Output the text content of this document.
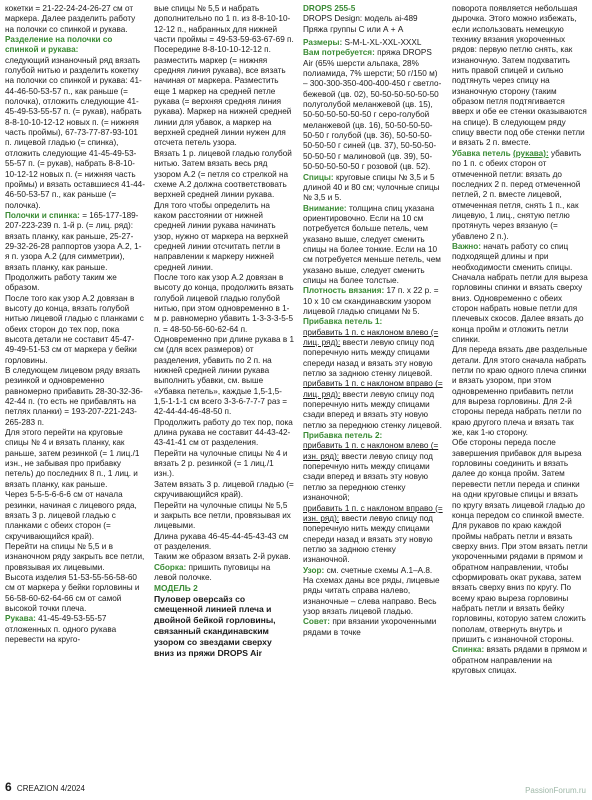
кокетки = 21-22-24-24-26-27 см от маркера. Далее разделить работу на полочки со спинкой и рукава.

Разделение на полочки со спинкой и рукава:

следующий изнаночный ряд вязать голубой нитью и разделить кокетку на полочки со спинкой и рукава: 41-44-46-50-53-57 п., как раньше (= полочка), отложить следующие 41-45-49-53-55-57 п. (= рукав), набрать 8-8-10-10-12-12 новых п. (= нижняя часть проймы), 67-73-77-87-93-101 п. лицевой гладью (= спинка), отложить следующие 41-45-49-53-55-57 п. (= рукав), набрать 8-8-10-10-12-12 новых п. (= нижняя часть проймы) и вязать оставшиеся 41-44-46-50-53-57 п., как раньше (= полочка).

Полочки и спинка: = 165-177-189-207-223-239 п. 1-й р. (= лиц. ряд): вязать планку, как раньше, 25-27-29-32-26-28 раппортов узора А.2, 1-я п. узора А.2 (для симметрии), вязать планку, как раньше.

Продолжить работу таким же образом.

После того как узор А.2 довязан в высоту до конца, вязать голубой нитью лицевой гладью с планками с обеих сторон до тех пор, пока высота детали не составит 45-47-49-49-51-53 см от маркера у бейки горловины.

В следующем лицевом ряду вязать резинкой и одновременно равномерно прибавить 28-30-32-36-42-44 п. (то есть не прибавлять на петлях планки) = 193-207-221-243-265-283 п.

Для этого перейти на круговые спицы № 4 и вязать планку, как раньше, затем резинкой (= 1 лиц./1 изн., не забывая про прибавку петель) до последних 8 п., 1 лиц. и вязать планку, как раньше.

Через 5-5-5-6-6-6 см от начала резинки, начиная с лицевого ряда, вязать 3 р. лицевой гладью с планками с обеих сторон (= скручивающийся край).

Перейти на спицы № 5,5 и в изнаночном ряду закрыть все петли, провязывая их лицевыми.

Высота изделия 51-53-55-56-58-60 см от маркера у бейки горловины и 56-58-60-62-64-66 см от самой высокой точки плеча.

Рукава: 41-45-49-53-55-57 отложенных п. одного рукава перевести на круго-

вые спицы № 5,5 и набрать дополнительно по 1 п. из 8-8-10-10-12-12 п., набранных для нижней части проймы = 49-53-59-63-67-69 п.

Посередине 8-8-10-10-12-12 п. разместить маркер (= нижняя средняя линия рукава), все вязать начиная от маркера. Разместить еще 1 маркер на средней петле рукава (= верхняя средняя линия рукава). Маркер на нижней средней линии для убавок, а маркер на верхней средней линии нужен для отсчета петель узора.

Вязать 1 р. лицевой гладью голубой нитью. Затем вязать весь ряд узором А.2 (= петля со стрелкой на схеме А.2 должна соответствовать верхней средней линии рукава.

Для того чтобы определить на каком расстоянии от нижней средней линии рукава начинать узор, нужно от маркера на верхней средней линии отсчитать петли в направлении к маркеру нижней средней линии.

После того как узор А.2 довязан в высоту до конца, продолжить вязать голубой лицевой гладью голубой нитью, при этом одновременно в 1-м р. равномерно убавить 1-3-3-3-5-5 п. = 48-50-56-60-62-64 п. Одновременно при длине рукава в 1 см (для всех размеров) от разделения, убавить по 2 п. на нижней средней линии рукава выполнить убавки, см. выше «Убавка петель», каждые 1,5-1,5-1,5-1-1-1 см всего 3-3-6-7-7-7 раз = 42-44-44-46-48-50 п.

Продолжить работу до тех пор, пока длина рукава не составит 44-43-42-43-41-41 см от разделения.

Перейти на чулочные спицы № 4 и вязать 2 р. резинкой (= 1 лиц./1 изн.).

Затем вязать 3 р. лицевой гладью (= скручивающийся край).

Перейти на чулочные спицы № 5,5 и закрыть все петли, провязывая их лицевыми.

Длина рукава 46-45-44-45-43-43 см от разделения.

Таким же образом вязать 2-й рукав.

Сборка: пришить пуговицы на левой полочке.

МОДЕЛЬ 2

Пуловер оверсайз со смещенной линией плеча и двойной бейкой горловины, связанный скандинавским узором со звездами сверху вниз из пряжи DROPS Air

DROPS 255-5

DROPS Design: модель ai-489

Пряжа группы С или А + А

Размеры: S-M-L-XL-XXL-XXXL

Вам потребуется: пряжа DROPS Air (65% шерсти альпака, 28% полиамида, 7% шерсти; 50 г/150 м) – 300-300-350-400-400-450 г светло-бежевой (цв. 02), 50-50-50-50-50-50 полуголубой меланжевой (цв. 15), 50-50-50-50-50-50 г серо-голубой меланжевой (цв. 16), 50-50-50-50-50-50 г голубой (цв. 36), 50-50-50-50-50-50 г синей (цв. 37), 50-50-50-50-50-50 г малиновой (цв. 39), 50-50-50-50-50-50 г розовой (цв. 52).

Спицы: круговые спицы № 3,5 и 5 длиной 40 и 80 см; чулочные спицы № 3,5 и 5.

Внимание: толщина спиц указана ориентировочно. Если на 10 см потребуется больше петель, чем указано выше, следует сменить спицы на более тонкие. Если на 10 см потребуется меньше петель, чем указано выше, следует сменить спицы на более толстые.

Плотность вязания: 17 п. х 22 р. = 10 х 10 см скандинавским узором лицевой гладью спицами № 5.

Прибавка петель 1:

прибавить 1 п. с наклоном влево (= лиц. ряд): ввести левую спицу под поперечную нить между спицами спереди назад и вязать эту новую петлю за заднюю стенку лицевой.

прибавить 1 п. с наклоном вправо (= лиц. ряд): ввести левую спицу под поперечную нить между спицами сзади вперед и вязать эту новую петлю за переднюю стенку лицевой.

Прибавка петель 2:

прибавить 1 п. с наклоном влево (= изн. ряд): ввести левую спицу под поперечную нить между спицами сзади вперед и вязать эту новую петлю за переднюю стенку изнаночной;

прибавить 1 п. с наклоном вправо (= изн. ряд): ввести левую спицу под поперечную нить между спицами спереди назад и вязать эту новую петлю за заднюю стенку изнаночной.

Узор: см. счетные схемы А.1–А.8. На схемах даны все ряды, лицевые ряды читать справа налево, изнаночные – слева направо. Весь узор вязать лицевой гладью.

Совет: при вязании укороченными рядами в точке

поворота появляется небольшая дырочка. Этого можно избежать, если использовать немецкую технику вязания укороченных рядов: первую петлю снять, как изнаночную. Затем подхватить нить правой спицей и сильно подтянуть через спицу на изнаночную сторону (таким образом петля подтягивается вверх и обе ее стенки оказываются на спице). В следующем ряду спицу ввести под обе стенки петли и вязать 2 п. вместе.

Убавка петель (рукава): убавить по 1 п. с обеих сторон от отмеченной петли: вязать до последних 2 п. перед отмеченной петлей, 2 п. вместе лицевой, отмеченная петля, снять 1 п., как лицевую, 1 лиц., снятую петлю протянуть через вязаную (= убавлено 2 п.).

Важно: начать работу со спиц подходящей длины и при необходимости сменить спицы.

Сначала набрать петли для выреза горловины спинки и вязать сверху вниз. Одновременно с обеих сторон набрать новые петли для плечевых скосов. Далее вязать до конца пройм и отложить петли спинки.

Для переда вязать две раздельные детали. Для этого сначала набрать петли по краю одного плеча спинки и вязать узором, при этом одновременно прибавить петли для выреза горловины. Для 2-й стороны переда набрать петли по краю другого плеча и вязать так же, как 1-ю сторону.

Обе стороны переда после завершения прибавок для выреза горловины соединить и вязать далее до конца пройм. Затем перевести петли переда и спинки на одни круговые спицы и вязать по кругу вязать лицевой гладью до конца передом со спинкой вместе.

Для рукавов по краю каждой проймы набрать петли и вязать сверху вниз. При этом вязать петли укороченными рядами в прямом и обратном направлении, чтобы сформировать окат рукава, затем вязать сверху вниз по кругу. По всему краю выреза горловины набрать петли и вязать бейку горловины, которую затем сложить пополам, отвернуть внутрь и пришить с изнаночной стороны.

Спинка: вязать рядами в прямом и обратном направлении на круговых спицах.

6 CREAZION 4/2024	PassionForum.ru
